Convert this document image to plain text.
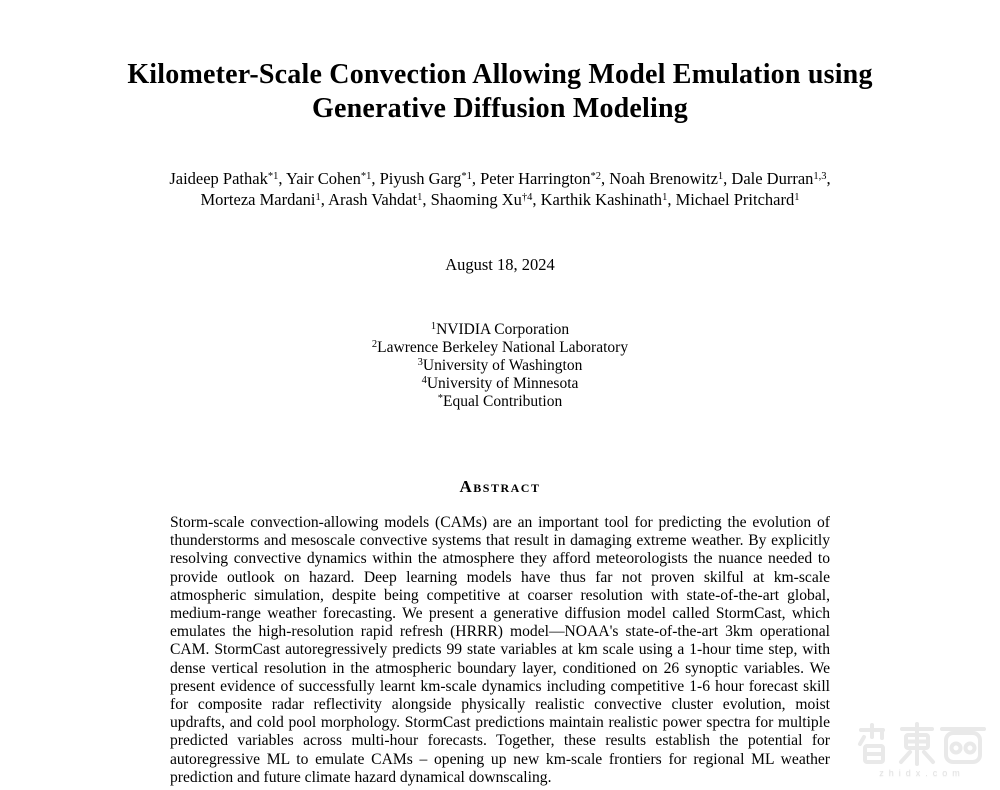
Kilometer-Scale Convection Allowing Model Emulation using
Generative Diffusion Modeling
Jaideep Pathak$^{*1}$, Yair Cohen$^{*1}$, Piyush Garg$^{*1}$, Peter Harrington$^{*2}$, Noah Brenowitz$^1$, Dale Durran$^{1,3}$,
Morteza Mardani$^1$, Arash Vahdat$^1$, Shaoming Xu$^{\dagger 4}$, Karthik Kashinath$^1$, Michael Pritchard$^1$
August 18, 2024
$^1$NVIDIA Corporation
$^2$Lawrence Berkeley National Laboratory
$^3$University of Washington
$^4$University of Minnesota
*Equal Contribution
Abstract

Storm-scale convection-allowing models (CAMs) are an important tool for predicting the evolution of thunderstorms and mesoscale convective systems that result in damaging extreme weather. By explicitly resolving convective dynamics within the atmosphere they afford meteorologists the nuance needed to provide outlook on hazard. Deep learning models have thus far not proven skilful at km-scale atmospheric simulation, despite being competitive at coarser resolution with state-of-the-art global, medium-range weather forecasting. We present a generative diffusion model called StormCast, which emulates the high-resolution rapid refresh (HRRR) model—NOAA's state-of-the-art 3km operational CAM. StormCast autoregressively predicts 99 state variables at km scale using a 1-hour time step, with dense vertical resolution in the atmospheric boundary layer, conditioned on 26 synoptic variables. We present evidence of successfully learnt km-scale dynamics including competitive 1-6 hour forecast skill for composite radar reflectivity alongside physically realistic convective cluster evolution, moist updrafts, and cold pool morphology. StormCast predictions maintain realistic power spectra for multiple predicted variables across multi-hour forecasts. Together, these results establish the potential for autoregressive ML to emulate CAMs – opening up new km-scale frontiers for regional ML weather prediction and future climate hazard dynamical downscaling.	zhidx.com
